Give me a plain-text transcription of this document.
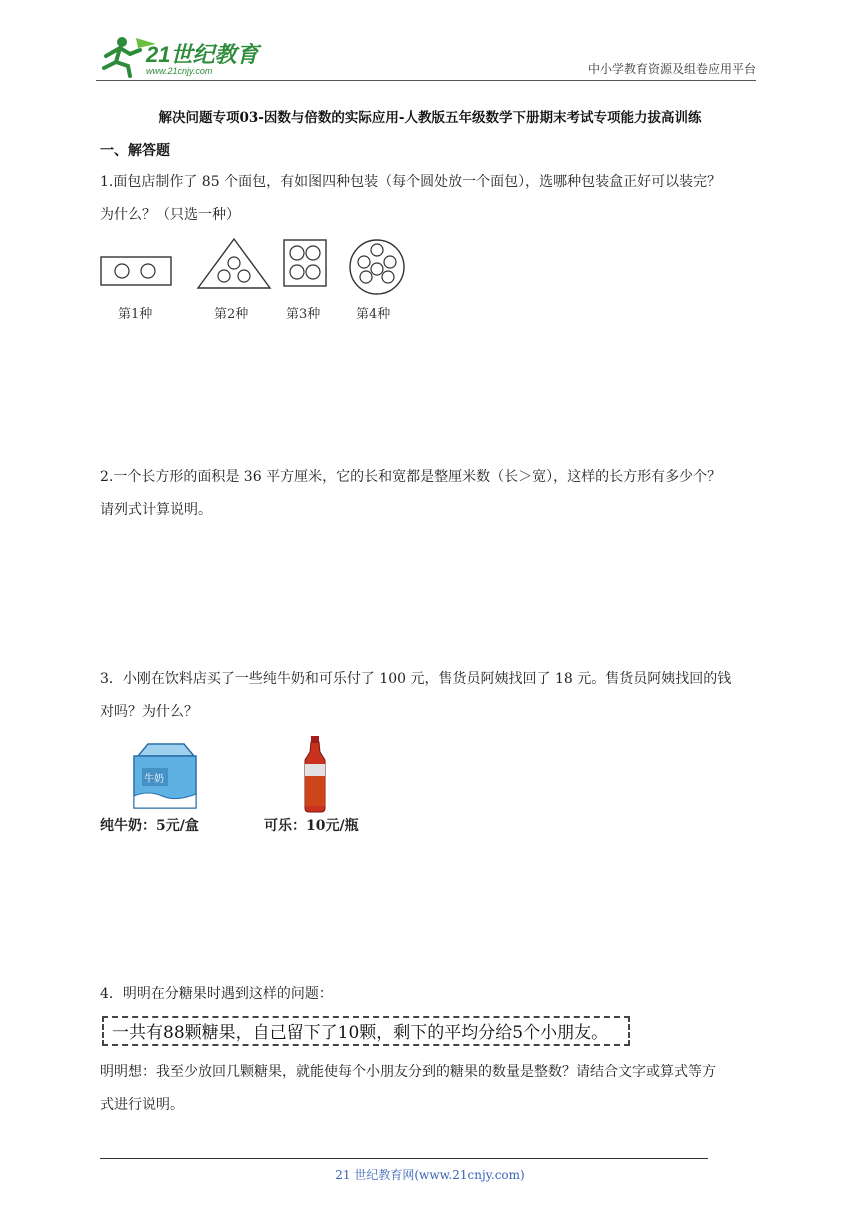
21世纪教育
www.21cnjy.com	中小学教育资源及组卷应用平台
解决问题专项03-因数与倍数的实际应用-人教版五年级数学下册期末考试专项能力拔高训练
一、解答题
1.面包店制作了 85 个面包，有如图四种包装（每个圆处放一个面包），选哪种包装盒正好可以装完？
为什么？（只选一种）
第1种	第2种	第3种	第4种
2.一个长方形的面积是 36 平方厘米，它的长和宽都是整厘米数（长＞宽），这样的长方形有多少个？
请列式计算说明。
3．小刚在饮料店买了一些纯牛奶和可乐付了 100 元，售货员阿姨找回了 18 元。售货员阿姨找回的钱
对吗？为什么？
牛奶
纯牛奶：5元/盒	可乐：10元/瓶
4．明明在分糖果时遇到这样的问题：
一共有88颗糖果，自己留下了10颗，剩下的平均分给5个小朋友。
明明想：我至少放回几颗糖果，就能使每个小朋友分到的糖果的数量是整数？请结合文字或算式等方
式进行说明。
21 世纪教育网(www.21cnjy.com)
